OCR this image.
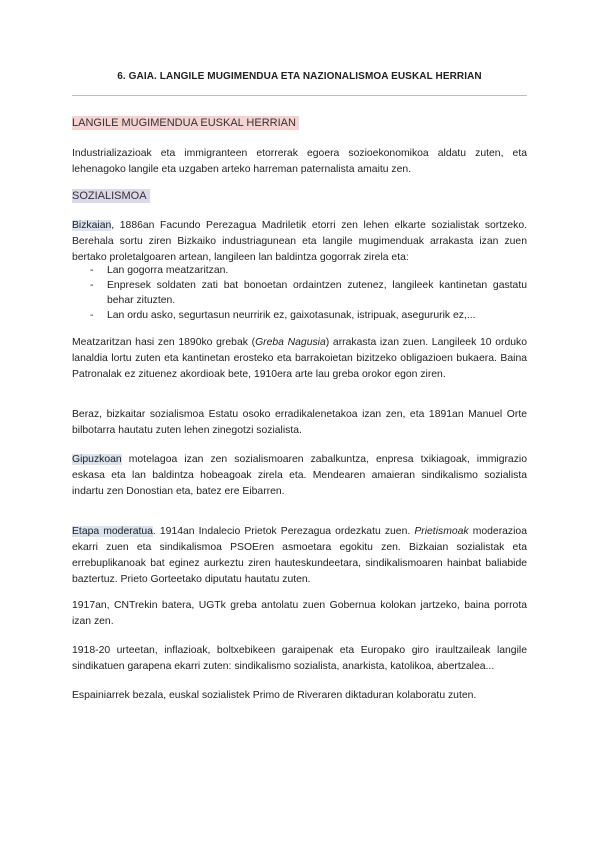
6. GAIA. LANGILE MUGIMENDUA ETA NAZIONALISMOA EUSKAL HERRIAN
LANGILE MUGIMENDUA EUSKAL HERRIAN
Industrializazioak eta immigranteen etorrerak egoera sozioekonomikoa aldatu zuten, eta lehenagoko langile eta uzgaben arteko harreman paternalista amaitu zen.
SOZIALISMOA
Bizkaian, 1886an Facundo Perezagua Madriletik etorri zen lehen elkarte sozialistak sortzeko. Berehala sortu ziren Bizkaiko industriagunean eta langile mugimenduak arrakasta izan zuen bertako proletalgoaren artean, langileen lan baldintza gogorrak zirela eta:
- Lan gogorra meatzaritzan.
- Enpresek soldaten zati bat bonoetan ordaintzen zutenez, langileek kantinetan gastatu behar zituzten.
- Lan ordu asko, segurtasun neurririk ez, gaixotasunak, istripuak, asegururik ez,...
Meatzaritzan hasi zen 1890ko grebak (Greba Nagusia) arrakasta izan zuen. Langileek 10 orduko lanaldia lortu zuten eta kantinetan erosteko eta barrakoietan bizitzeko obligazioen bukaera. Baina Patronalak ez zituenez akordioak bete, 1910era arte lau greba orokor egon ziren.
Beraz, bizkaitar sozialismoa Estatu osoko erradikalenetakoa izan zen, eta 1891an Manuel Orte bilbotarra hautatu zuten lehen zinegotzi sozialista.
Gipuzkoan motelagoa izan zen sozialismoaren zabalkuntza, enpresa txikiagoak, immigrazio eskasa eta lan baldintza hobeagoak zirela eta. Mendearen amaieran sindikalismo sozialista indartu zen Donostian eta, batez ere Eibarren.
Etapa moderatua. 1914an Indalecio Prietok Perezagua ordezkatu zuen. Prietismoak moderazioa ekarri zuen eta sindikalismoa PSOEren asmoetara egokitu zen. Bizkaian sozialistak eta errebuplikanoak bat eginez aurkeztu ziren hauteskundeetara, sindikalismoaren hainbat baliabide baztertuz. Prieto Gorteetako diputatu hautatu zuten.
1917an, CNTrekin batera, UGTk greba antolatu zuen Gobernua kolokan jartzeko, baina porrota izan zen.
1918-20 urteetan, inflazioak, boltxebikeen garaipenak eta Europako giro iraultzaileak langile sindikatuen garapena ekarri zuten: sindikalismo sozialista, anarkista, katolikoa, abertzalea...
Espainiarrek bezala, euskal sozialistek Primo de Riveraren diktaduran kolaboratu zuten.
